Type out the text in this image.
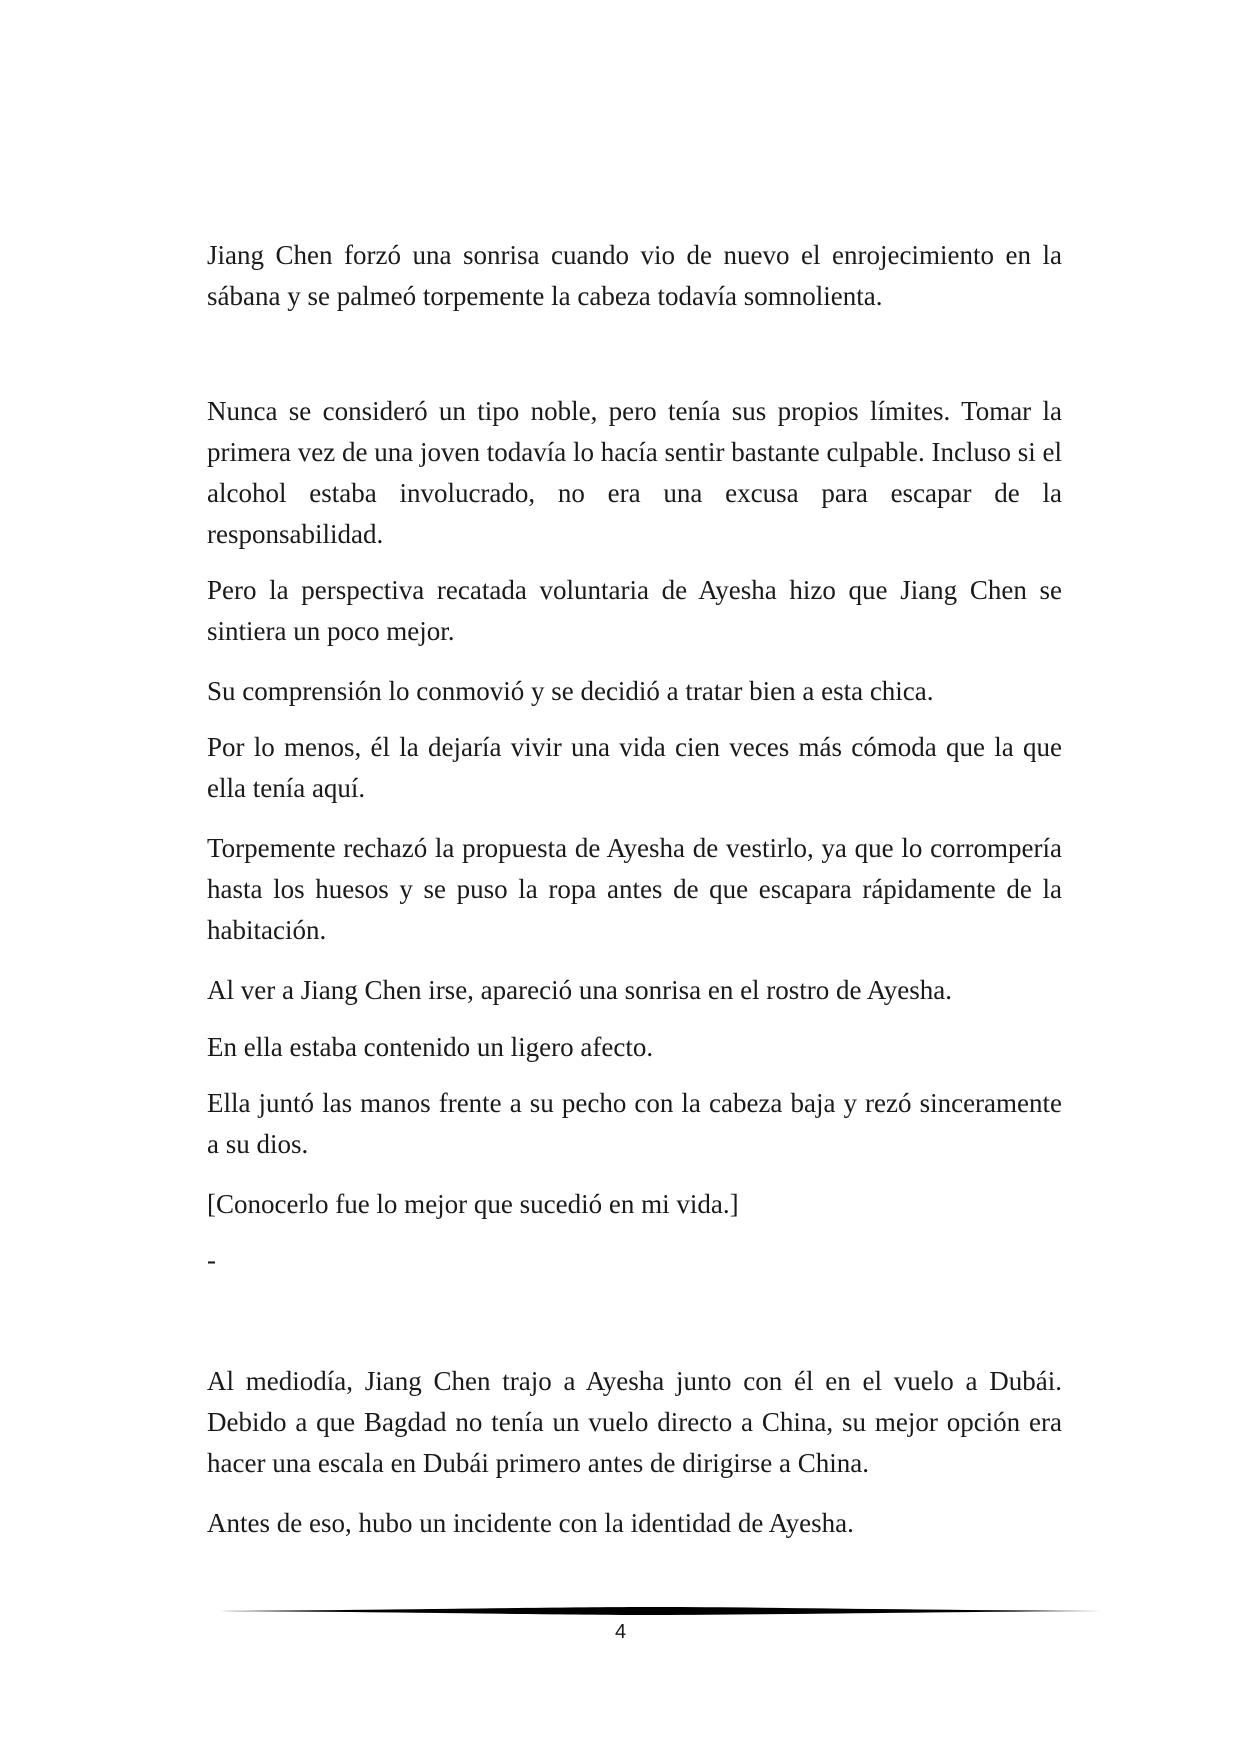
Jiang Chen forzó una sonrisa cuando vio de nuevo el enrojecimiento en la sábana y se palmeó torpemente la cabeza todavía somnolienta.

Nunca se consideró un tipo noble, pero tenía sus propios límites. Tomar la primera vez de una joven todavía lo hacía sentir bastante culpable. Incluso si el alcohol estaba involucrado, no era una excusa para escapar de la responsabilidad.

Pero la perspectiva recatada voluntaria de Ayesha hizo que Jiang Chen se sintiera un poco mejor.

Su comprensión lo conmovió y se decidió a tratar bien a esta chica.

Por lo menos, él la dejaría vivir una vida cien veces más cómoda que la que ella tenía aquí.

Torpemente rechazó la propuesta de Ayesha de vestirlo, ya que lo corrompería hasta los huesos y se puso la ropa antes de que escapara rápidamente de la habitación.

Al ver a Jiang Chen irse, apareció una sonrisa en el rostro de Ayesha.

En ella estaba contenido un ligero afecto.

Ella juntó las manos frente a su pecho con la cabeza baja y rezó sinceramente a su dios.

[Conocerlo fue lo mejor que sucedió en mi vida.]

-

Al mediodía, Jiang Chen trajo a Ayesha junto con él en el vuelo a Dubái. Debido a que Bagdad no tenía un vuelo directo a China, su mejor opción era hacer una escala en Dubái primero antes de dirigirse a China.

Antes de eso, hubo un incidente con la identidad de Ayesha.

4
